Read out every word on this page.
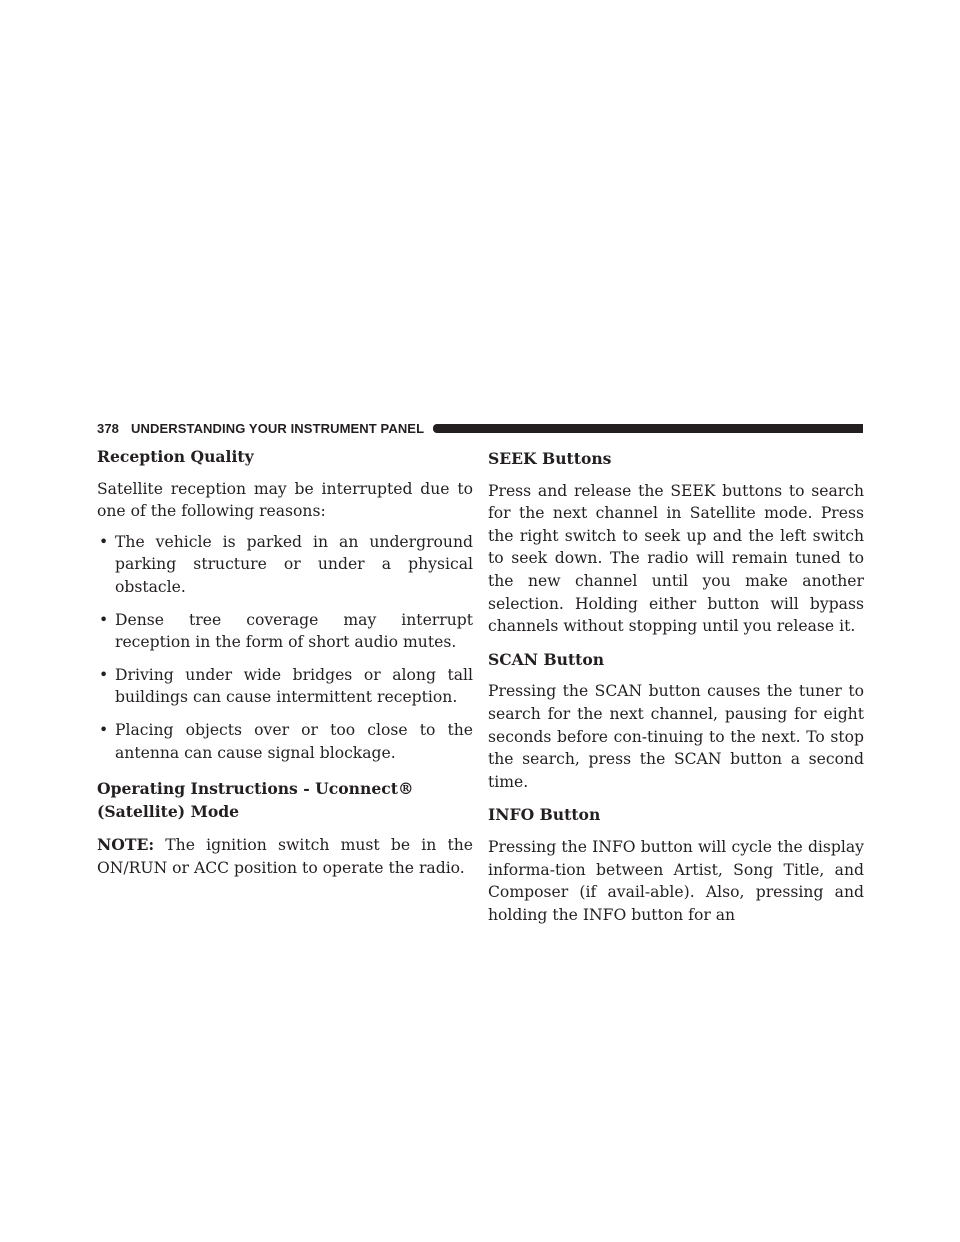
378 UNDERSTANDING YOUR INSTRUMENT PANEL
Reception Quality

Satellite reception may be interrupted due to one of the following reasons:

• The vehicle is parked in an underground parking structure or under a physical obstacle.
• Dense tree coverage may interrupt reception in the form of short audio mutes.
• Driving under wide bridges or along tall buildings can cause intermittent reception.
• Placing objects over or too close to the antenna can cause signal blockage.
Operating Instructions - Uconnect® (Satellite) Mode

NOTE: The ignition switch must be in the ON/RUN or ACC position to operate the radio.

SEEK Buttons

Press and release the SEEK buttons to search for the next channel in Satellite mode. Press the right switch to seek up and the left switch to seek down. The radio will remain tuned to the new channel until you make another selection. Holding either button will bypass channels without stopping until you release it.

SCAN Button

Pressing the SCAN button causes the tuner to search for the next channel, pausing for eight seconds before con-tinuing to the next. To stop the search, press the SCAN button a second time.

INFO Button

Pressing the INFO button will cycle the display informa-tion between Artist, Song Title, and Composer (if avail-able). Also, pressing and holding the INFO button for an
